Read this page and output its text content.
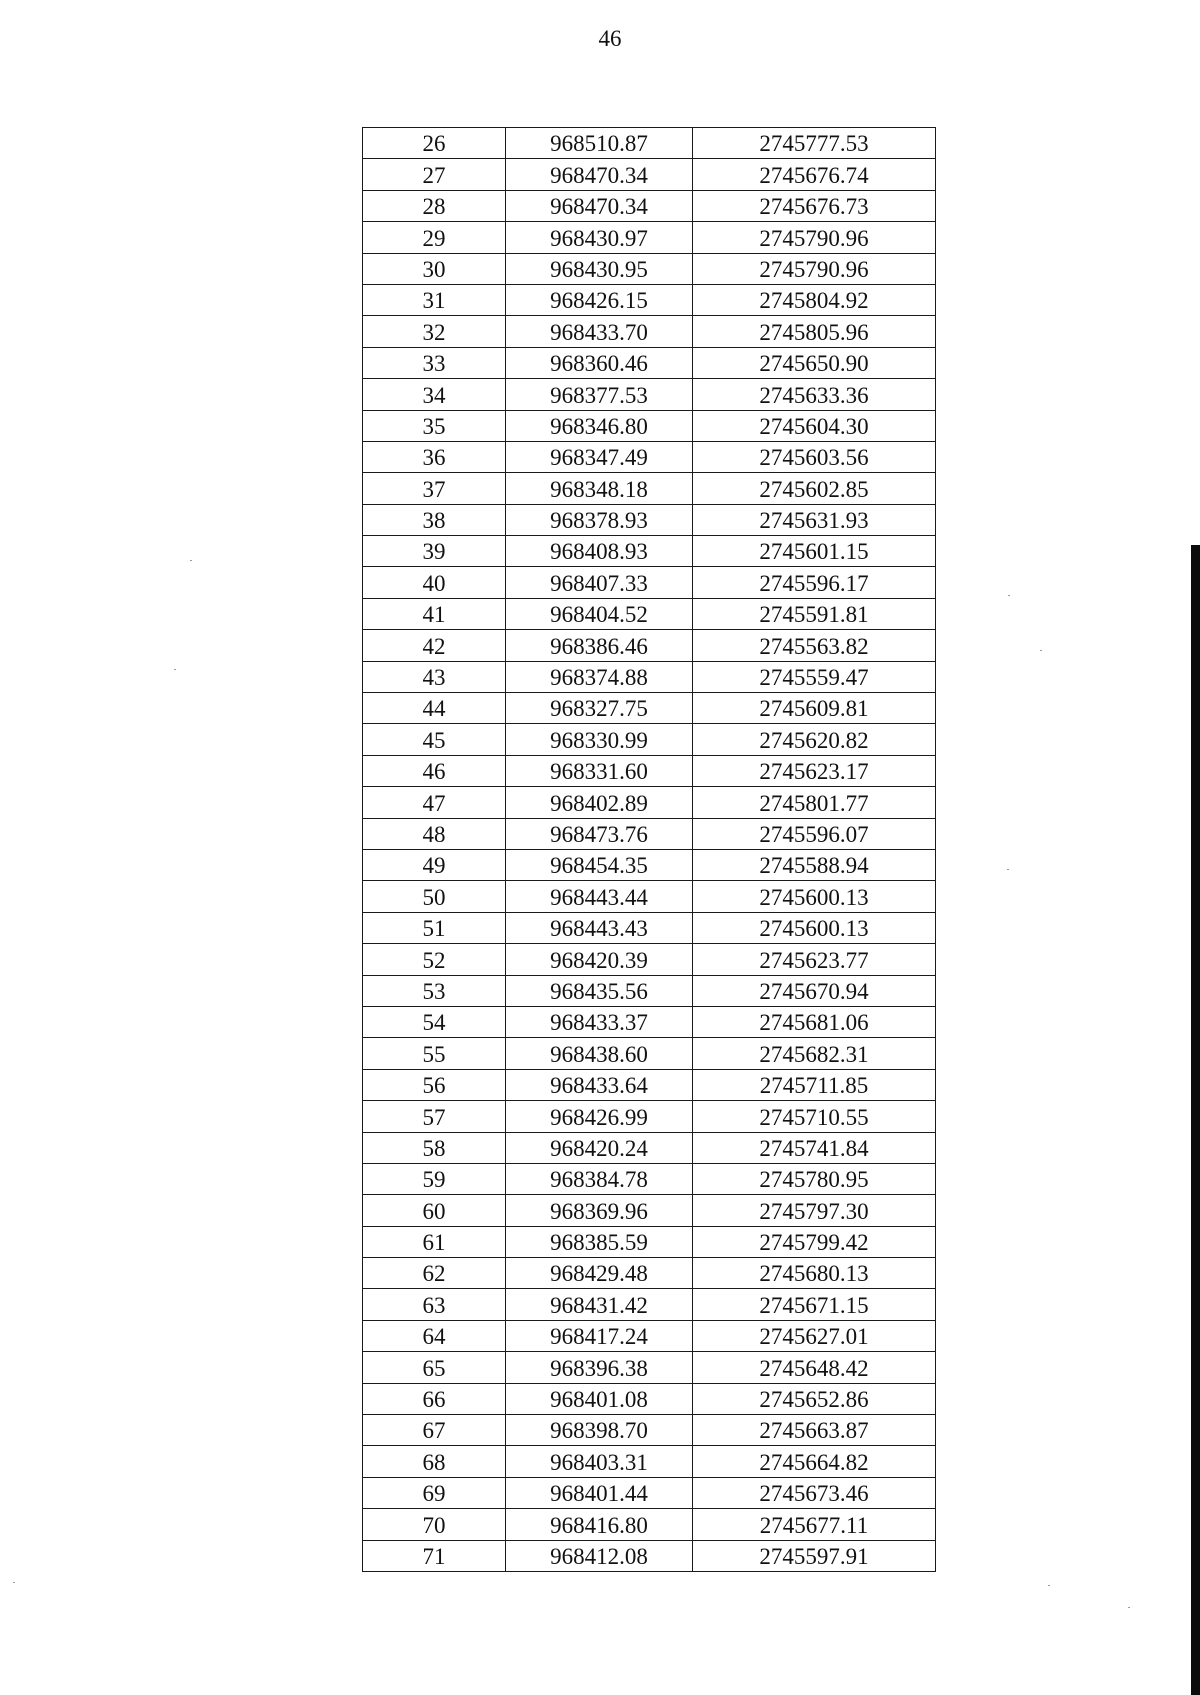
46
26	968510.87	2745777.53
27	968470.34	2745676.74
28	968470.34	2745676.73
29	968430.97	2745790.96
30	968430.95	2745790.96
31	968426.15	2745804.92
32	968433.70	2745805.96
33	968360.46	2745650.90
34	968377.53	2745633.36
35	968346.80	2745604.30
36	968347.49	2745603.56
37	968348.18	2745602.85
38	968378.93	2745631.93
39	968408.93	2745601.15
40	968407.33	2745596.17
41	968404.52	2745591.81
42	968386.46	2745563.82
43	968374.88	2745559.47
44	968327.75	2745609.81
45	968330.99	2745620.82
46	968331.60	2745623.17
47	968402.89	2745801.77
48	968473.76	2745596.07
49	968454.35	2745588.94
50	968443.44	2745600.13
51	968443.43	2745600.13
52	968420.39	2745623.77
53	968435.56	2745670.94
54	968433.37	2745681.06
55	968438.60	2745682.31
56	968433.64	2745711.85
57	968426.99	2745710.55
58	968420.24	2745741.84
59	968384.78	2745780.95
60	968369.96	2745797.30
61	968385.59	2745799.42
62	968429.48	2745680.13
63	968431.42	2745671.15
64	968417.24	2745627.01
65	968396.38	2745648.42
66	968401.08	2745652.86
67	968398.70	2745663.87
68	968403.31	2745664.82
69	968401.44	2745673.46
70	968416.80	2745677.11
71	968412.08	2745597.91
